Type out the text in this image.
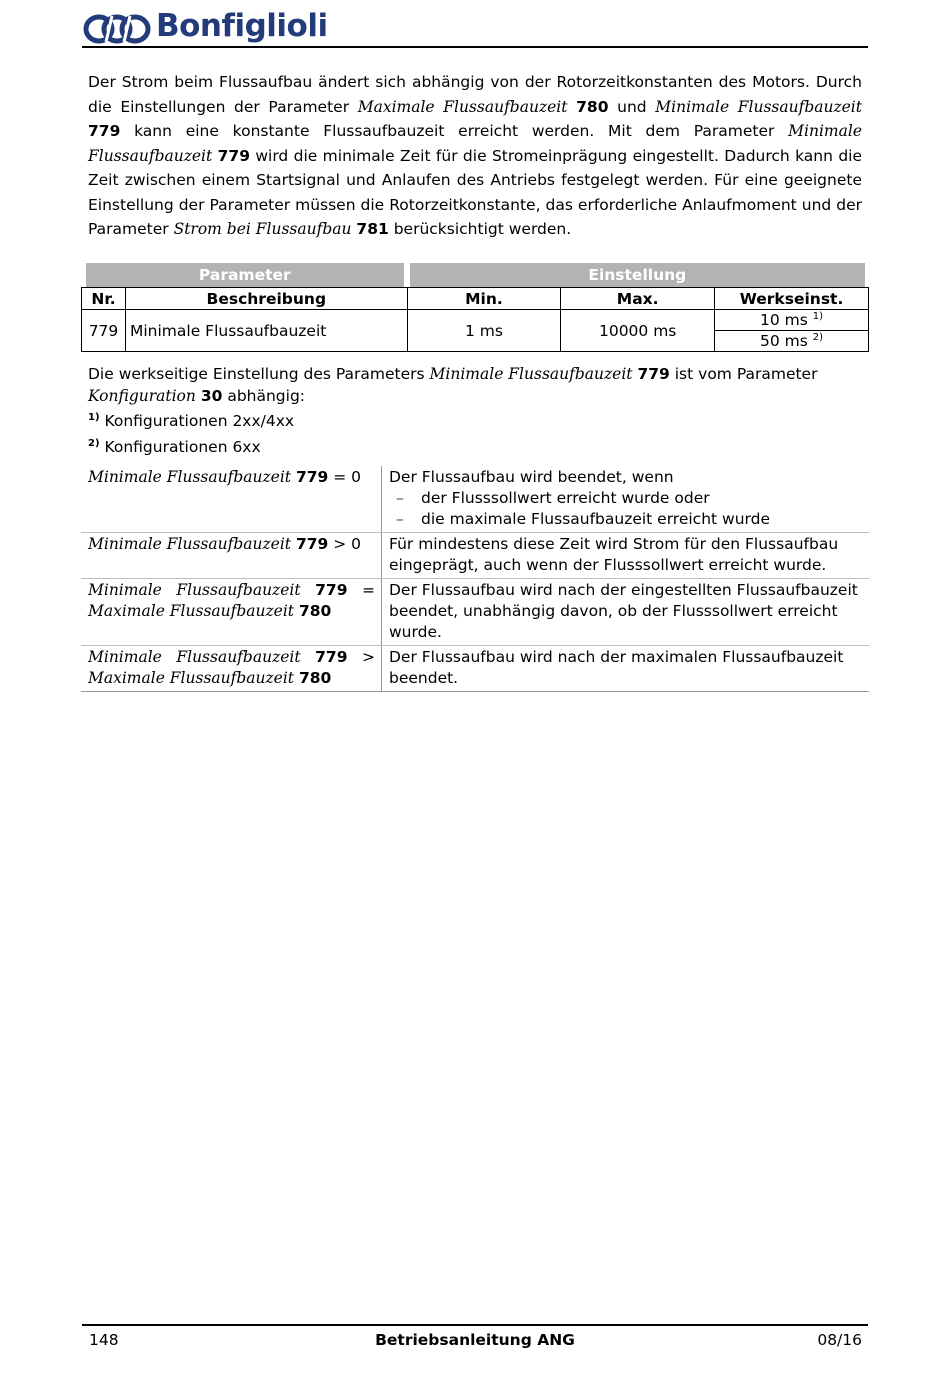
Bonfiglioli
Der Strom beim Flussaufbau ändert sich abhängig von der Rotorzeitkonstanten des Motors. Durch die Einstellungen der Parameter Maximale Flussaufbauzeit 780 und Minimale Flussaufbauzeit 779 kann eine konstante Flussaufbauzeit erreicht werden. Mit dem Parameter Minimale Flussaufbauzeit 779 wird die minimale Zeit für die Stromeinprägung eingestellt. Dadurch kann die Zeit zwischen einem Startsignal und Anlaufen des Antriebs festgelegt werden. Für eine geeignete Einstellung der Parameter müssen die Rotorzeitkonstante, das erforderliche Anlaufmoment und der Parameter Strom bei Flussaufbau 781 berücksichtigt werden.
Parameter		Einstellung		

Nr.	Beschreibung	Min.	Max.	Werkseinst.
779	Minimale Flussaufbauzeit	1 ms	10000 ms	10 ms $^{1)}$
				50 ms $^{2)}$
Die werkseitige Einstellung des Parameters Minimale Flussaufbauzeit 779 ist vom Parameter Konfiguration 30 abhängig:
$^{1)}$ Konfigurationen 2xx/4xx
$^{2)}$ Konfigurationen 6xx
Minimale Flussaufbauzeit 779 = 0	Der Flussaufbau wird beendet, wenn
– der Flusssollwert erreicht wurde oder
– die maximale Flussaufbauzeit erreicht wurde

Minimale Flussaufbauzeit 779 > 0	Für mindestens diese Zeit wird Strom für den Flussaufbau eingeprägt, auch wenn der Flusssollwert erreicht wurde.

Minimale Flussaufbauzeit 779 =
Maximale Flussaufbauzeit 780	Der Flussaufbau wird nach der eingestellten Flussaufbauzeit beendet, unabhängig davon, ob der Flusssollwert erreicht wurde.

Minimale Flussaufbauzeit 779 >
Maximale Flussaufbauzeit 780	Der Flussaufbau wird nach der maximalen Flussaufbauzeit beendet.
148	Betriebsanleitung ANG	08/16
